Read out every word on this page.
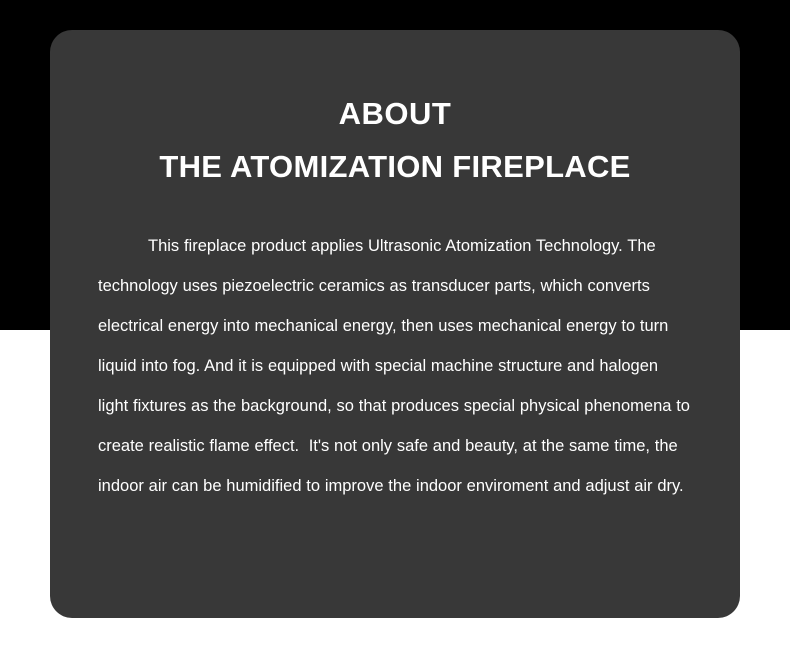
ABOUT
THE ATOMIZATION FIREPLACE
This fireplace product applies Ultrasonic Atomization Technology. The technology uses piezoelectric ceramics as transducer parts, which converts electrical energy into mechanical energy, then uses mechanical energy to turn liquid into fog. And it is equipped with special machine structure and halogen light fixtures as the background, so that produces special physical phenomena to create realistic flame effect.  It's not only safe and beauty, at the same time, the indoor air can be humidified to improve the indoor enviroment and adjust air dry.
